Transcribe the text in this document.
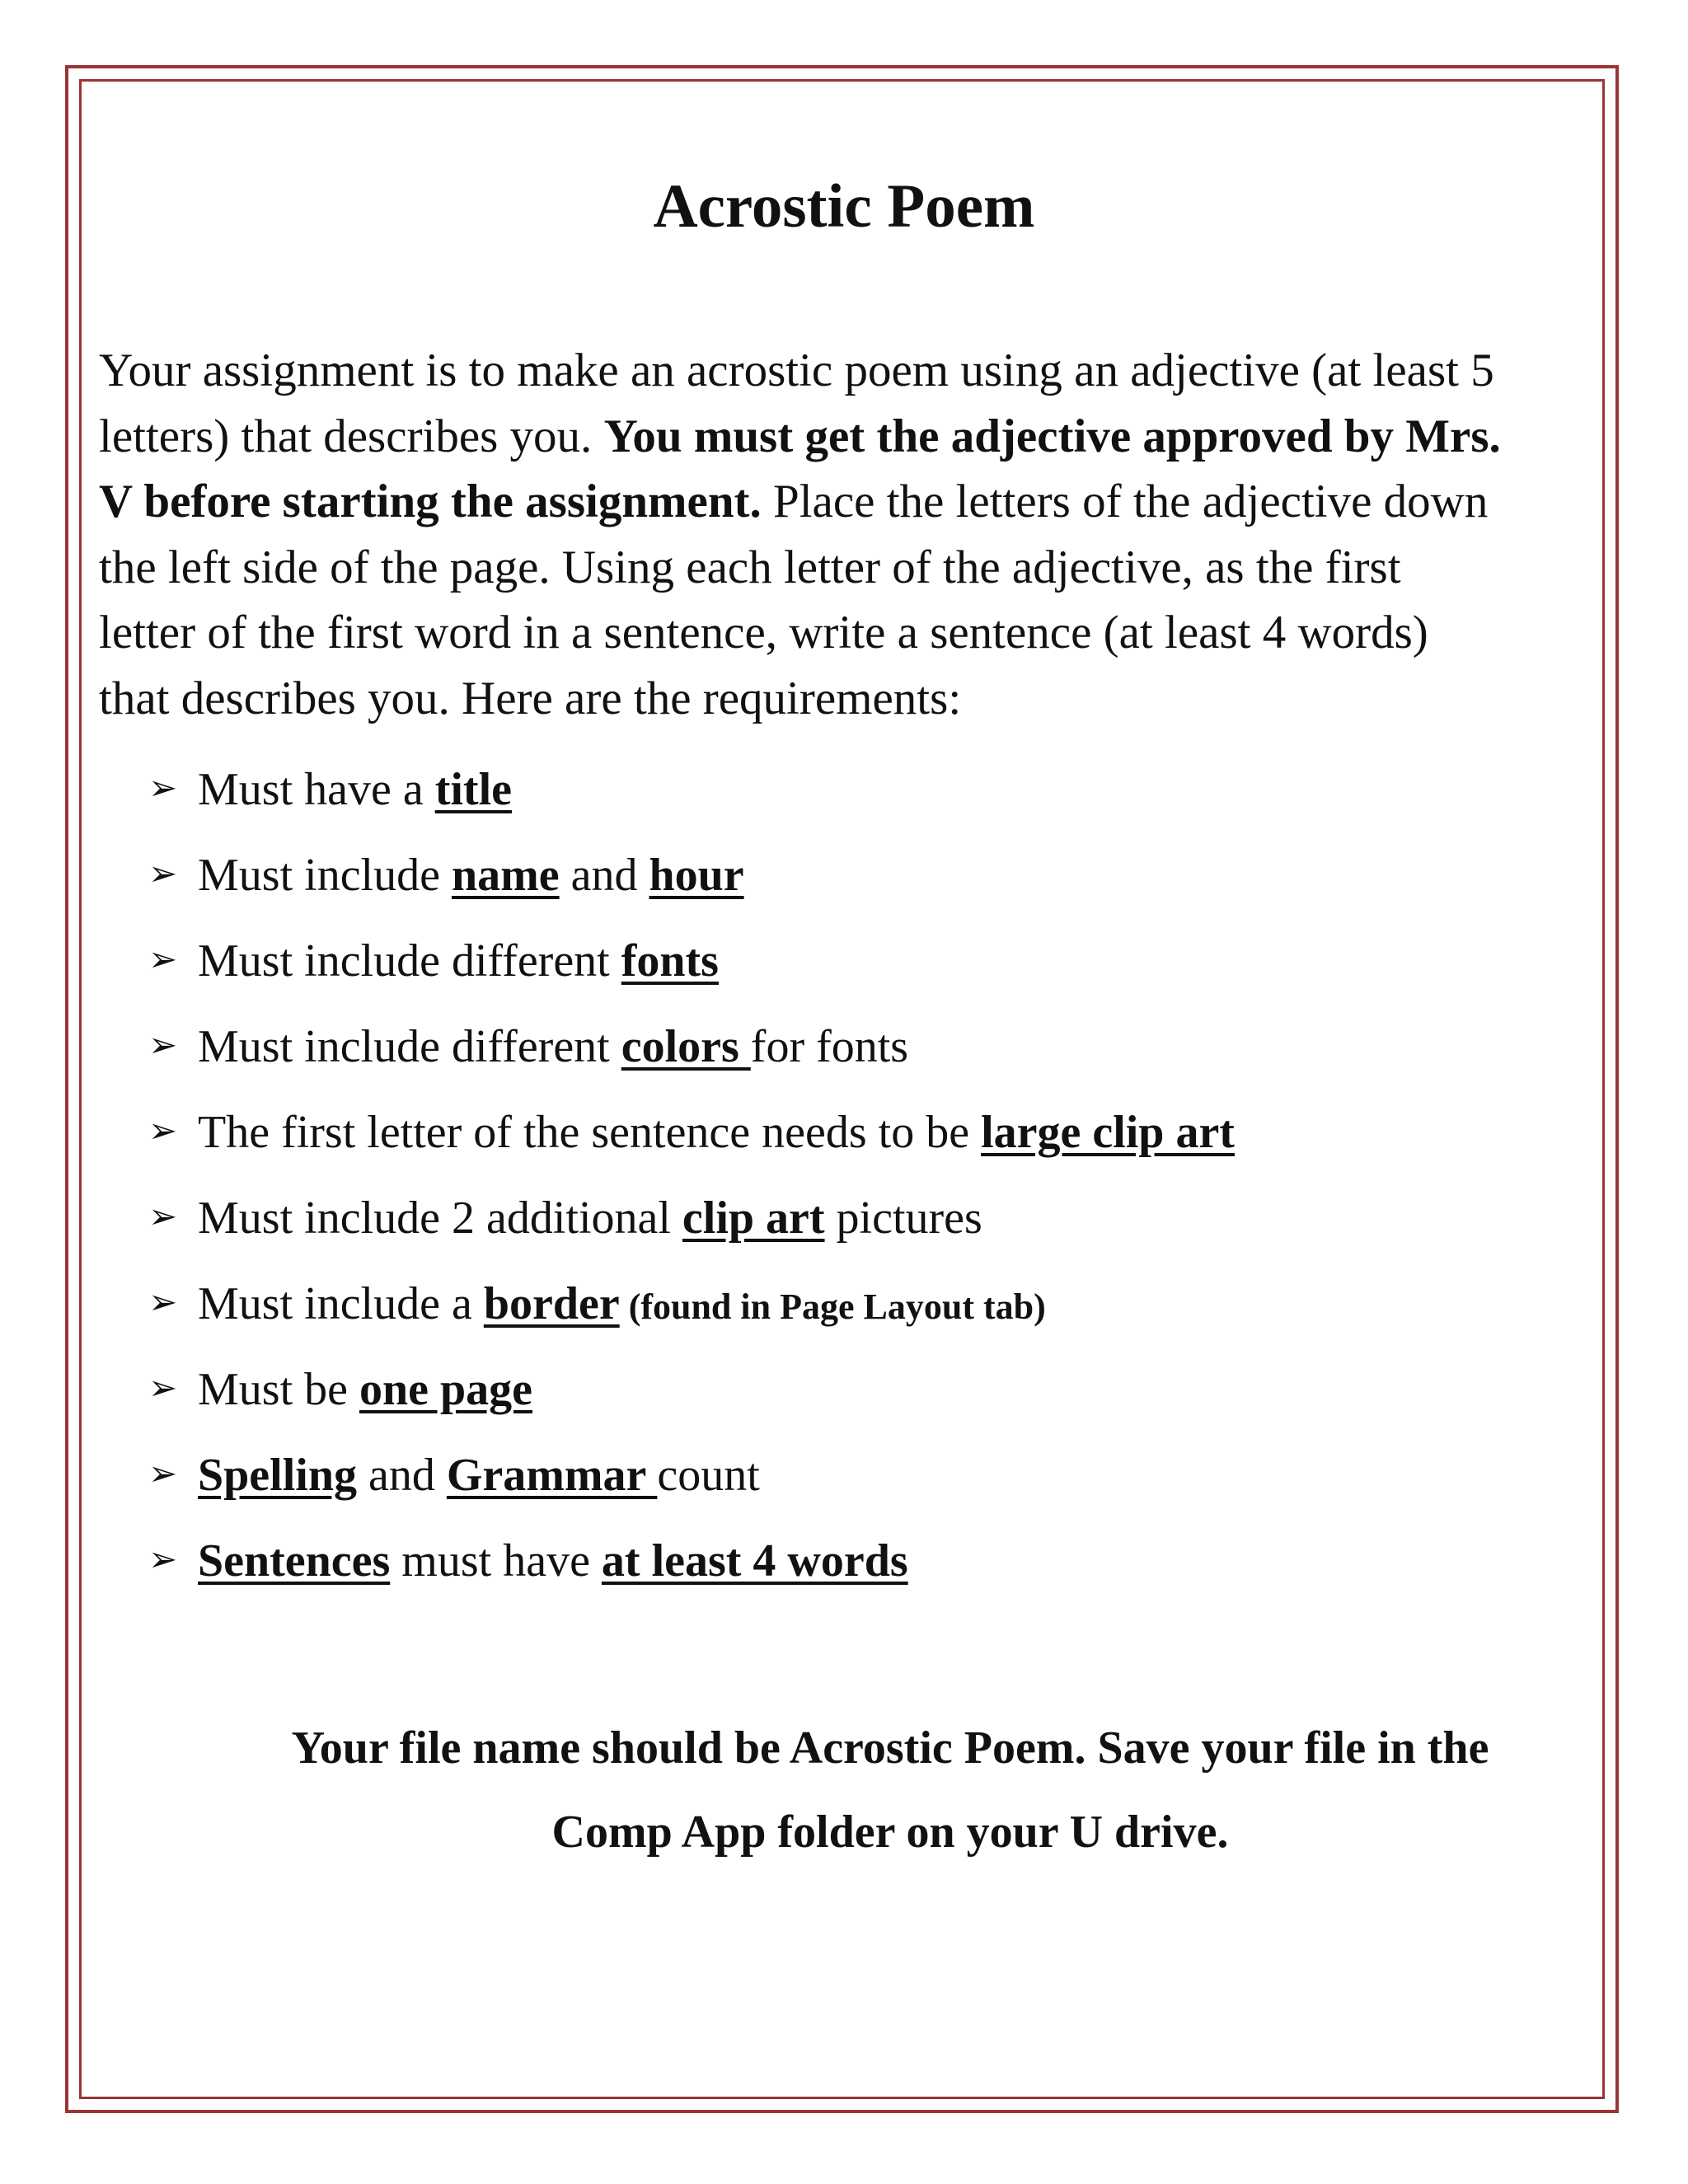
Acrostic Poem

Your assignment is to make an acrostic poem using an adjective (at least 5
letters) that describes you. You must get the adjective approved by Mrs.
V before starting the assignment. Place the letters of the adjective down
the left side of the page. Using each letter of the adjective, as the first
letter of the first word in a sentence, write a sentence (at least 4 words)
that describes you. Here are the requirements:

➢ Must have a title
➢ Must include name and hour
➢ Must include different fonts
➢ Must include different colors for fonts
➢ The first letter of the sentence needs to be large clip art
➢ Must include 2 additional clip art pictures
➢ Must include a border (found in Page Layout tab)
➢ Must be one page
➢ Spelling and Grammar count
➢ Sentences must have at least 4 words

Your file name should be Acrostic Poem. Save your file in the
Comp App folder on your U drive.
